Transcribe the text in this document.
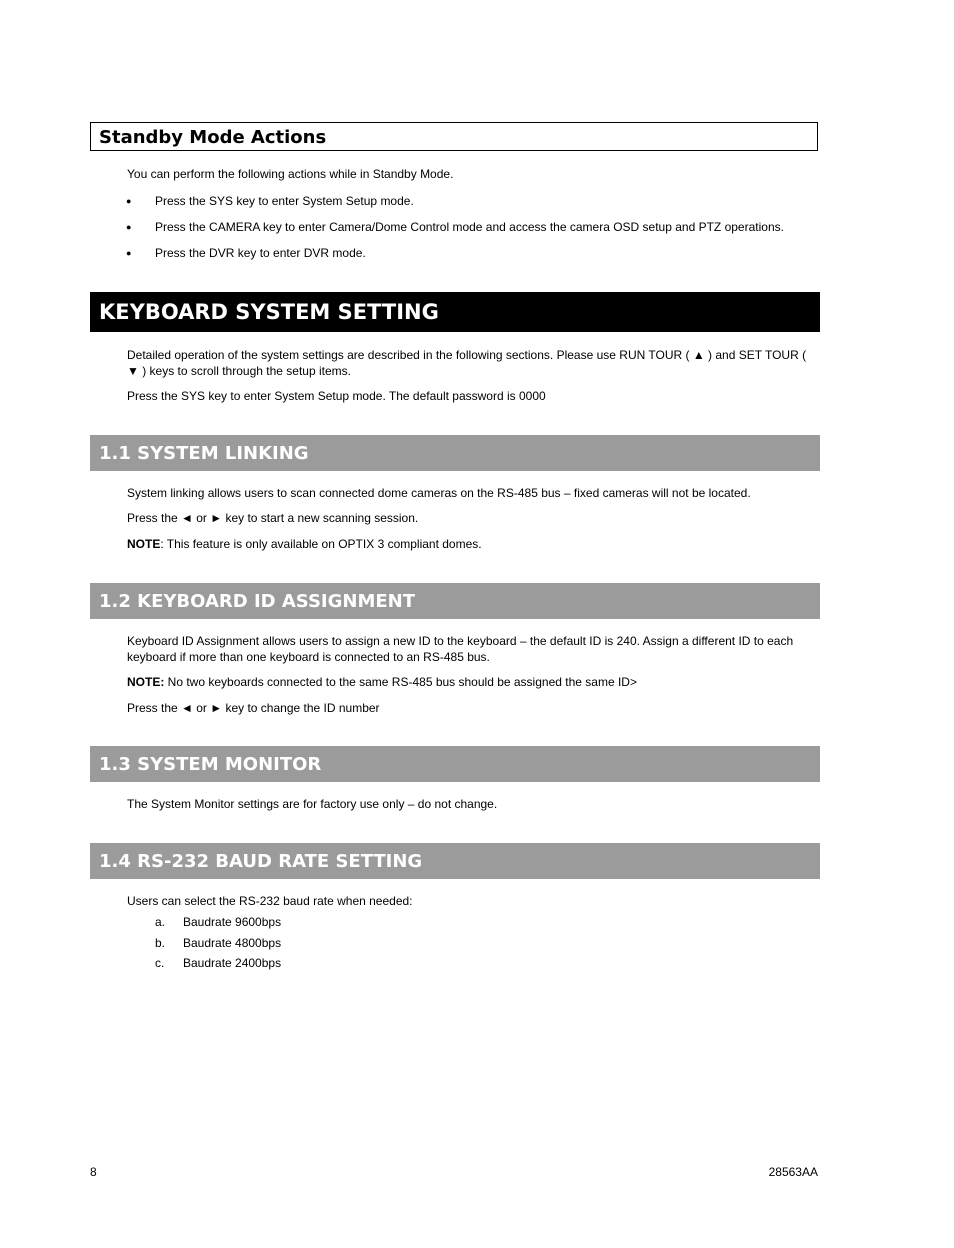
Standby Mode Actions
You can perform the following actions while in Standby Mode.
● Press the SYS key to enter System Setup mode.
● Press the CAMERA key to enter Camera/Dome Control mode and access the camera OSD setup and PTZ operations.
● Press the DVR key to enter DVR mode.
KEYBOARD SYSTEM SETTING
Detailed operation of the system settings are described in the following sections. Please use RUN TOUR ( ▲ ) and SET TOUR ( ▼ ) keys to scroll through the setup items.
Press the SYS key to enter System Setup mode. The default password is 0000
1.1 SYSTEM LINKING
System linking allows users to scan connected dome cameras on the RS-485 bus – fixed cameras will not be located.
Press the ◄ or ► key to start a new scanning session.
NOTE: This feature is only available on OPTIX 3 compliant domes.
1.2 KEYBOARD ID ASSIGNMENT
Keyboard ID Assignment allows users to assign a new ID to the keyboard – the default ID is 240. Assign a different ID to each keyboard if more than one keyboard is connected to an RS-485 bus.
NOTE: No two keyboards connected to the same RS-485 bus should be assigned the same ID>
Press the ◄ or ► key to change the ID number
1.3 SYSTEM MONITOR
The System Monitor settings are for factory use only – do not change.
1.4 RS-232 BAUD RATE SETTING
Users can select the RS-232 baud rate when needed:
a. Baudrate 9600bps
b. Baudrate 4800bps
c. Baudrate 2400bps
8	28563AA
